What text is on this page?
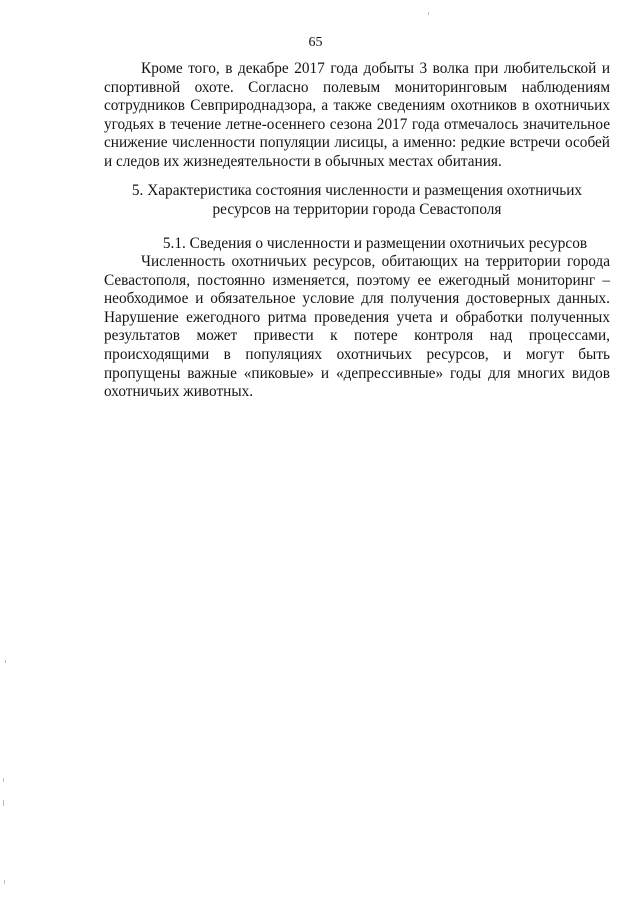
65

Кроме того, в декабре 2017 года добыты 3 волка при любительской и спортивной охоте. Согласно полевым мониторинговым наблюдениям сотрудников Севприроднадзора, а также сведениям охотников в охотничьих угодьях в течение летне-осеннего сезона 2017 года отмечалось значительное снижение численности популяции лисицы, а именно: редкие встречи особей и следов их жизнедеятельности в обычных местах обитания.

5. Характеристика состояния численности и размещения охотничьих ресурсов на территории города Севастополя
5.1. Сведения о численности и размещении охотничьих ресурсов

Численность охотничьих ресурсов, обитающих на территории города Севастополя, постоянно изменяется, поэтому ее ежегодный мониторинг – необходимое и обязательное условие для получения достоверных данных. Нарушение ежегодного ритма проведения учета и обработки полученных результатов может привести к потере контроля над процессами, происходящими в популяциях охотничьих ресурсов, и могут быть пропущены важные «пиковые» и «депрессивные» годы для многих видов охотничьих животных.
